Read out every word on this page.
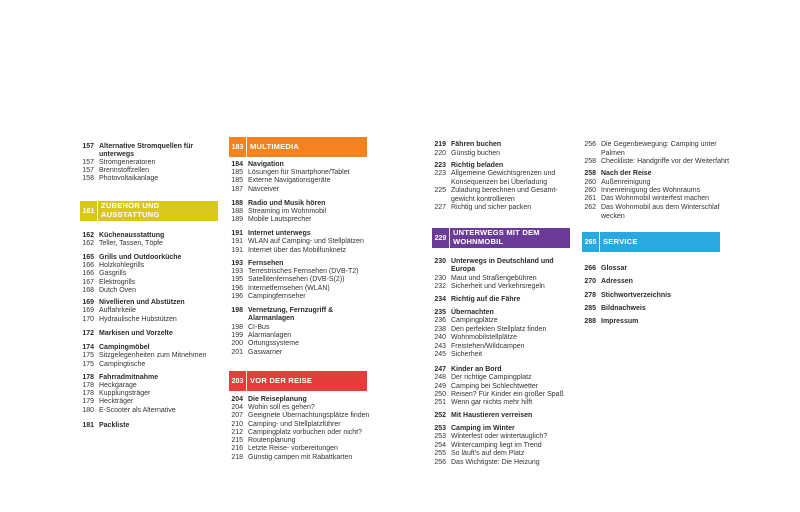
157 Alternative Stromquellen für
unterwegs
157 Stromgeneratoren
157 Brennstoffzellen
158 Photovoltaikanlage
162 Küchenausstattung
162 Teller, Tassen, Töpfe
165 Grills und Outdoorküche
166 Holzkohlegrills
166 Gasgrills
167 Elektrogrills
168 Dutch Oven
169 Nivellieren und Abstützen
169 Auffahrkeile
170 Hydraulische Hubstützen
172 Markisen und Vorzelte
174 Campingmöbel
175 Sitzgelegenheiten zum Mitnehmen
175 Campingtische
178 Fahrradmitnahme
178 Heckgarage
178 Kupplungsträger
179 Heckträger
180 E-Scooter als Alternative
181 Packliste
161
ZUBEHÖR UND
AUSSTATTUNG
184 Navigation
185 Lösungen für Smartphone/Tablet
185 Externe Navigationsgeräte
187 Navceiver
188 Radio und Musik hören
188 Streaming im Wohnmobil
189 Mobile Lautsprecher
191 Internet unterwegs
191 WLAN auf Camping- und Stellplätzen
191 Internet über das Mobilfunknetz
193 Fernsehen
193 Terrestrisches Fernsehen (DVB-T2)
195 Satellitenfernsehen (DVB-S(2))
196 Internetfernsehen (WLAN)
196 Campingfernseher
198 Vernetzung, Fernzugriff &
Alarmanlagen
198 CI-Bus
199 Alarmanlagen
200 Ortungssysteme
201 Gaswarner
204 Die Reiseplanung
204 Wohin soll es gehen?
207 Geeignete Übernachtungsplätze finden
210 Camping- und Stellplatzführer
212 Campingplatz vorbuchen oder nicht?
215 Routenplanung
216 Letzte Reise- vorbereitungen
218 Günstig campen mit Rabattkarten
183 MULTIMEDIA
203 VOR DER REISE
219 Fähren buchen
220 Günstig buchen
223 Richtig beladen
223 Allgemeine Gewichtsgrenzen und
Konsequenzen bei Überladung
225 Zuladung berechnen und Gesamt-
gewicht kontrollieren
227 Richtig und sicher packen
230 Unterwegs in Deutschland und
Europa
230 Maut und Straßengebühren
232 Sicherheit und Verkehrsregeln
234 Richtig auf die Fähre
235 Übernachten
236 Campingplätze
238 Den perfekten Stellplatz finden
240 Wohnmobilstellplätze
243 Freistehen/Wildcampen
245 Sicherheit
247 Kinder an Bord
248 Der richtige Campingplatz
249 Camping bei Schlechtwetter
250 Reisen? Für Kinder ein großer Spaß
251 Wenn gar nichts mehr hilft
252 Mit Haustieren verreisen
253 Camping im Winter
253 Winterfest oder wintertauglich?
254 Wintercamping liegt im Trend
255 So läuft's auf dem Platz
256 Das Wichtigste: Die Heizung
229
UNTERWEGS MIT DEM
WOHNMOBIL
256 Die Gegenbewegung: Camping unter
Palmen
258 Checkliste: Handgriffe vor der Weiterfahrt
258 Nach der Reise
260 Außenreinigung
260 Innenreinigung des Wohnraums
261 Das Wohnmobil winterfest machen
262 Das Wohnmobil aus dem Winterschlaf
wecken
266 Glossar
270 Adressen
278 Stichwortverzeichnis
285 Bildnachweis
288 Impressum
265 SERVICE
